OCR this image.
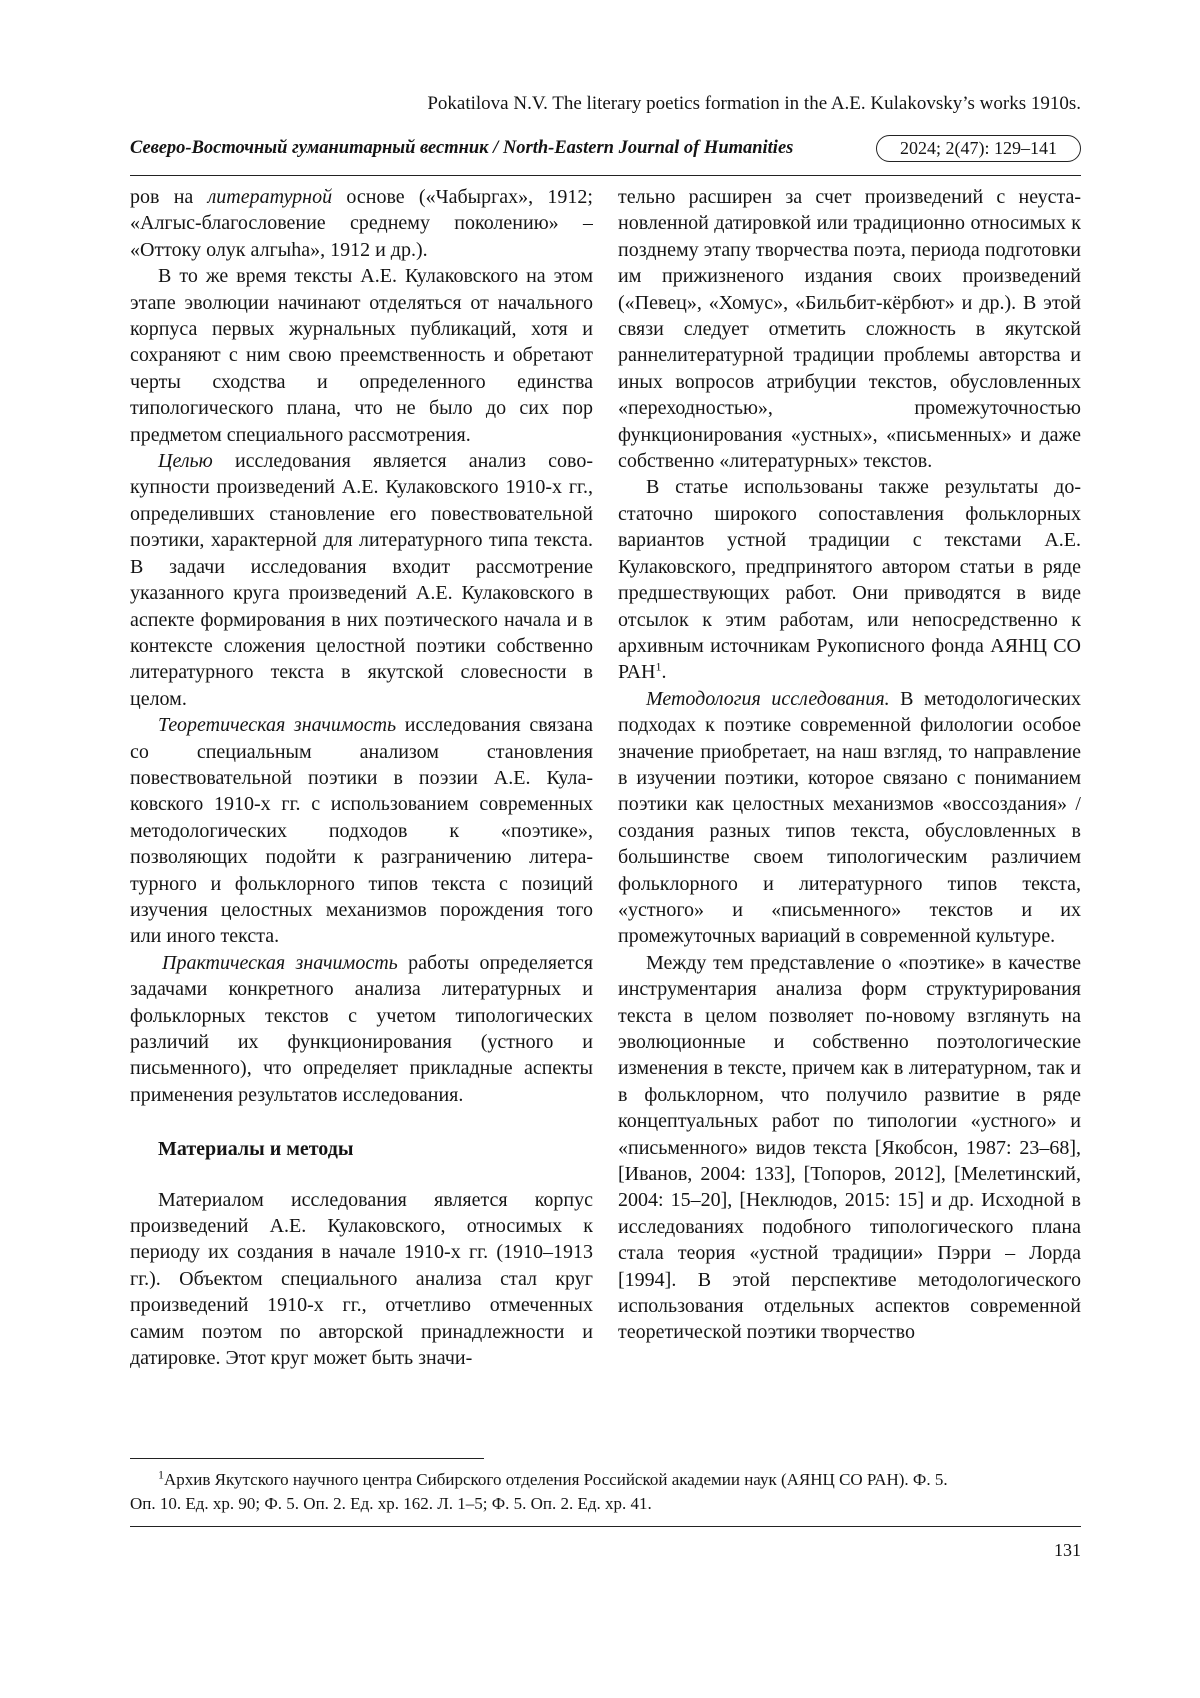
Pokatilova N.V. The literary poetics formation in the A.E. Kulakovsky’s works 1910s.
Северо-Восточный гуманитарный вестник / North-Eastern Journal of Humanities	2024; 2(47): 129–141

ров на литературной основе («Чабыргах», 1912; «Алгыс-благословение среднему поколению» – «Оттоку олук алгыһа», 1912 и др.).

В то же время тексты А.Е. Кулаковского на этом этапе эволюции начинают отделяться от начального корпуса первых журнальных публикаций, хотя и сохраняют с ним свою преемственность и обретают черты сходства и определенного единства типологического плана, что не было до сих пор предметом специального рассмотрения.

Целью исследования является анализ совокупности произведений А.Е. Кулаковского 1910-х гг., определивших становление его повествовательной поэтики, характерной для литературного типа текста. В задачи исследования входит рассмотрение указанного круга произведений А.Е. Кулаковского в аспекте формирования в них поэтического начала и в контексте сложения целостной поэтики собственно литературного текста в якутской словесности в целом.

Теоретическая значимость исследования связана со специальным анализом становления повествовательной поэтики в поэзии А.Е. Кулаковского 1910-х гг. с использованием современных методологических подходов к «поэтике», позволяющих подойти к разграничению литературного и фольклорного типов текста с позиций изучения целостных механизмов порождения того или иного текста.

Практическая значимость работы определяется задачами конкретного анализа литературных и фольклорных текстов с учетом типологических различий их функционирования (устного и письменного), что определяет прикладные аспекты применения результатов исследования.

Материалы и методы

Материалом исследования является корпус произведений А.Е. Кулаковского, относимых к периоду их создания в начале 1910-х гг. (1910–1913 гг.). Объектом специального анализа стал круг произведений 1910-х гг., отчетливо отмеченных самим поэтом по авторской принадлежности и датировке. Этот круг может быть значи-

тельно расширен за счет произведений с неустановленной датировкой или традиционно относимых к позднему этапу творчества поэта, периода подготовки им прижизненого издания своих произведений («Певец», «Хомус», «Бильбит-кёрбют» и др.). В этой связи следует отметить сложность в якутской раннелитературной традиции проблемы авторства и иных вопросов атрибуции текстов, обусловленных «переходностью», промежуточностью функционирования «устных», «письменных» и даже собственно «литературных» текстов.

В статье использованы также результаты достаточно широкого сопоставления фольклорных вариантов устной традиции с текстами А.Е. Кулаковского, предпринятого автором статьи в ряде предшествующих работ. Они приводятся в виде отсылок к этим работам, или непосредственно к архивным источникам Рукописного фонда АЯНЦ СО РАН$^1$.

Методология исследования. В методологических подходах к поэтике современной филологии особое значение приобретает, на наш взгляд, то направление в изучении поэтики, которое связано с пониманием поэтики как целостных механизмов «воссоздания» / создания разных типов текста, обусловленных в большинстве своем типологическим различием фольклорного и литературного типов текста, «устного» и «письменного» текстов и их промежуточных вариаций в современной культуре.

Между тем представление о «поэтике» в качестве инструментария анализа форм структурирования текста в целом позволяет по-новому взглянуть на эволюционные и собственно поэтологические изменения в тексте, причем как в литературном, так и в фольклорном, что получило развитие в ряде концептуальных работ по типологии «устного» и «письменного» видов текста [Якобсон, 1987: 23–68], [Иванов, 2004: 133], [Топоров, 2012], [Мелетинский, 2004: 15–20], [Неклюдов, 2015: 15] и др. Исходной в исследованиях подобного типологического плана стала теория «устной традиции» Пэрри – Лорда [1994]. В этой перспективе методологического использования отдельных аспектов современной теоретической поэтики творчество

$^1$Архив Якутского научного центра Сибирского отделения Российской академии наук (АЯНЦ СО РАН). Ф. 5.
Оп. 10. Ед. хр. 90; Ф. 5. Оп. 2. Ед. хр. 162. Л. 1–5; Ф. 5. Оп. 2. Ед. хр. 41.
131
